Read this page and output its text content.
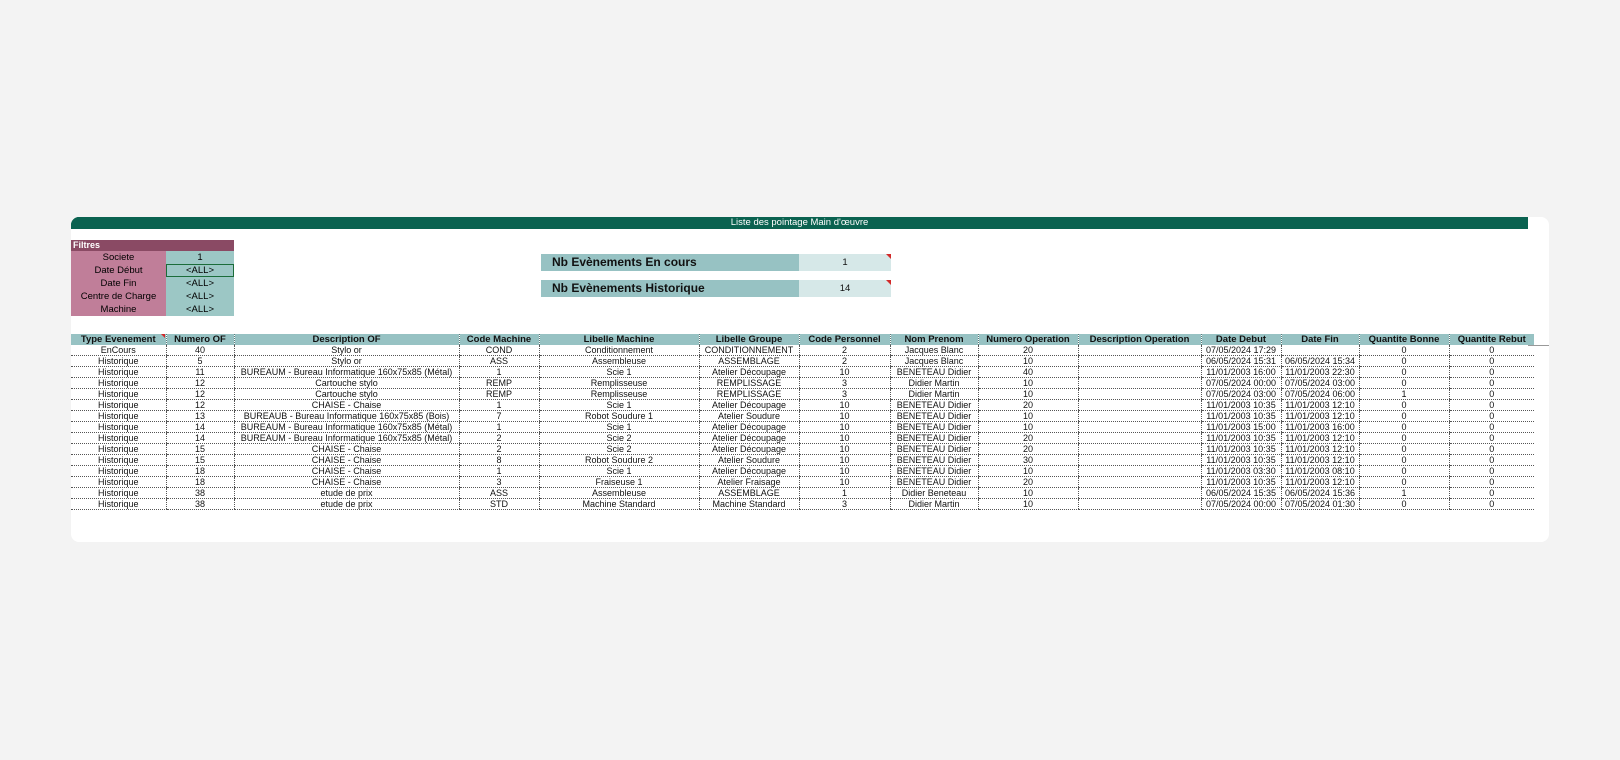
Liste des pointage Main d'œuvre
Filtres
Societe	1
Date Début	<ALL>
Date Fin	<ALL>
Centre de Charge	<ALL>
Machine	<ALL>
Nb Evènements En cours	1
Nb Evènements Historique	14
Type Evenement	Numero OF	Description OF	Code Machine	Libelle Machine	Libelle Groupe	Code Personnel	Nom Prenom	Numero Operation	Description Operation	Date Debut	Date Fin	Quantite Bonne	Quantite Rebut
EnCours	40	Stylo or	COND	Conditionnement	CONDITIONNEMENT	2	Jacques Blanc	20		07/05/2024 17:29		0	0
Historique	5	Stylo or	ASS	Assembleuse	ASSEMBLAGE	2	Jacques Blanc	10		06/05/2024 15:31	06/05/2024 15:34	0	0
Historique	11	BUREAUM - Bureau Informatique 160x75x85 (Métal)	1	Scie 1	Atelier Découpage	10	BENETEAU Didier	40		11/01/2003 16:00	11/01/2003 22:30	0	0
Historique	12	Cartouche stylo	REMP	Remplisseuse	REMPLISSAGE	3	Didier Martin	10		07/05/2024 00:00	07/05/2024 03:00	0	0
Historique	12	Cartouche stylo	REMP	Remplisseuse	REMPLISSAGE	3	Didier Martin	10		07/05/2024 03:00	07/05/2024 06:00	1	0
Historique	12	CHAISE - Chaise	1	Scie 1	Atelier Découpage	10	BENETEAU Didier	20		11/01/2003 10:35	11/01/2003 12:10	0	0
Historique	13	BUREAUB - Bureau Informatique 160x75x85 (Bois)	7	Robot Soudure 1	Atelier Soudure	10	BENETEAU Didier	10		11/01/2003 10:35	11/01/2003 12:10	0	0
Historique	14	BUREAUM - Bureau Informatique 160x75x85 (Métal)	1	Scie 1	Atelier Découpage	10	BENETEAU Didier	10		11/01/2003 15:00	11/01/2003 16:00	0	0
Historique	14	BUREAUM - Bureau Informatique 160x75x85 (Métal)	2	Scie 2	Atelier Découpage	10	BENETEAU Didier	20		11/01/2003 10:35	11/01/2003 12:10	0	0
Historique	15	CHAISE - Chaise	2	Scie 2	Atelier Découpage	10	BENETEAU Didier	20		11/01/2003 10:35	11/01/2003 12:10	0	0
Historique	15	CHAISE - Chaise	8	Robot Soudure 2	Atelier Soudure	10	BENETEAU Didier	30		11/01/2003 10:35	11/01/2003 12:10	0	0
Historique	18	CHAISE - Chaise	1	Scie 1	Atelier Découpage	10	BENETEAU Didier	10		11/01/2003 03:30	11/01/2003 08:10	0	0
Historique	18	CHAISE - Chaise	3	Fraiseuse 1	Atelier Fraisage	10	BENETEAU Didier	20		11/01/2003 10:35	11/01/2003 12:10	0	0
Historique	38	etude de prix	ASS	Assembleuse	ASSEMBLAGE	1	Didier Beneteau	10		06/05/2024 15:35	06/05/2024 15:36	1	0
Historique	38	etude de prix	STD	Machine Standard	Machine Standard	3	Didier Martin	10		07/05/2024 00:00	07/05/2024 01:30	0	0
